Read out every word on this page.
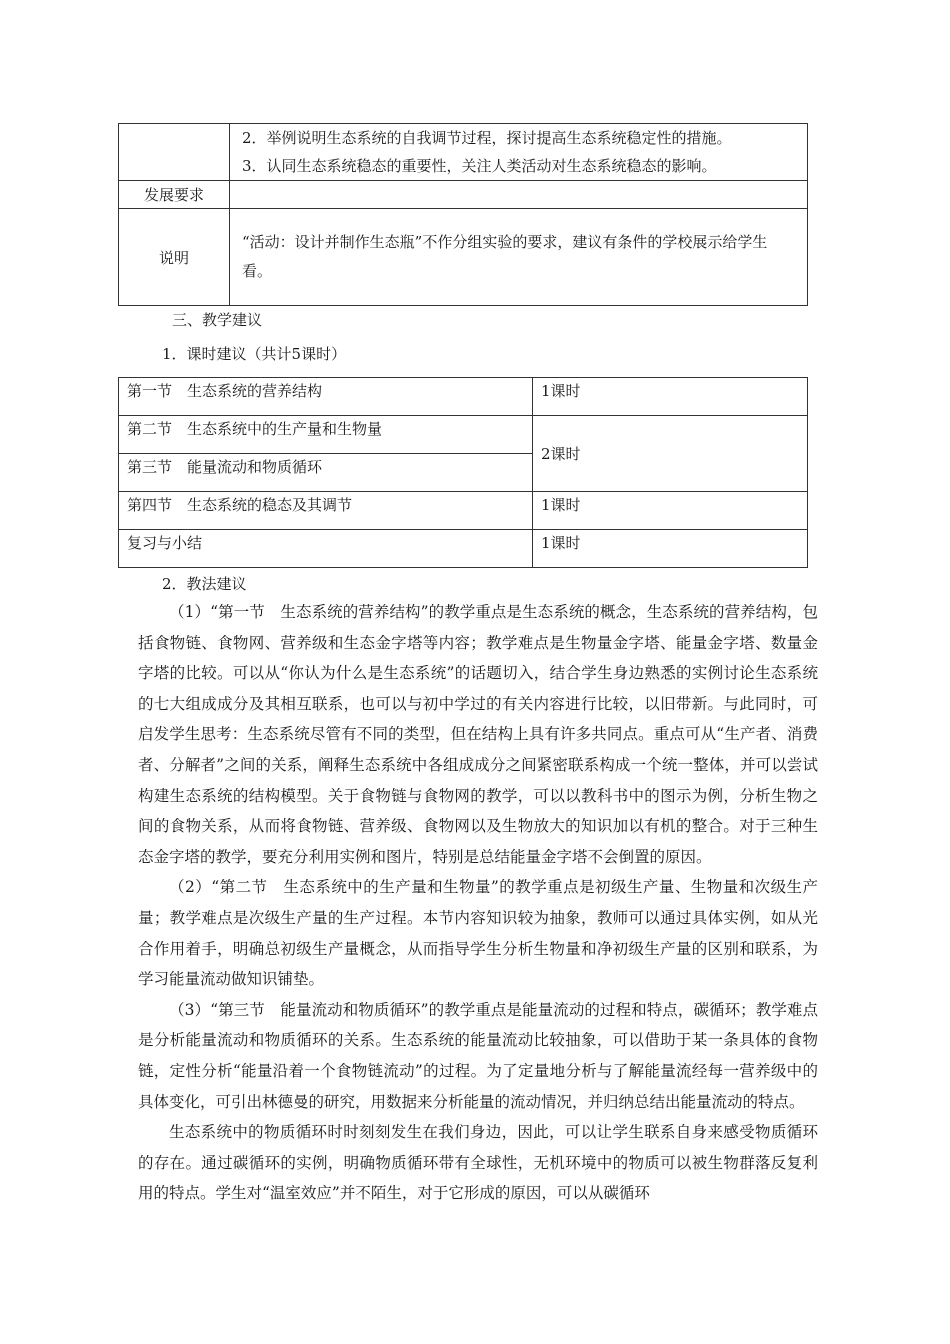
	2．举例说明生态系统的自我调节过程，探讨提高生态系统稳定性的措施。
3．认同生态系统稳态的重要性，关注人类活动对生态系统稳态的影响。

发展要求	
说明	“活动：设计并制作生态瓶”不作分组实验的要求，建议有条件的学校展示给学生看。
三、教学建议
1．课时建议（共计5课时）
第一节　生态系统的营养结构	1课时
第二节　生态系统中的生产量和生物量	2课时
第三节　能量流动和物质循环	
第四节　生态系统的稳态及其调节	1课时
复习与小结	1课时
2．教法建议

（1）“第一节　生态系统的营养结构”的教学重点是生态系统的概念，生态系统的营养结构，包括食物链、食物网、营养级和生态金字塔等内容；教学难点是生物量金字塔、能量金字塔、数量金字塔的比较。可以从“你认为什么是生态系统”的话题切入，结合学生身边熟悉的实例讨论生态系统的七大组成成分及其相互联系，也可以与初中学过的有关内容进行比较，以旧带新。与此同时，可启发学生思考：生态系统尽管有不同的类型，但在结构上具有许多共同点。重点可从“生产者、消费者、分解者”之间的关系，阐释生态系统中各组成成分之间紧密联系构成一个统一整体，并可以尝试构建生态系统的结构模型。关于食物链与食物网的教学，可以以教科书中的图示为例，分析生物之间的食物关系，从而将食物链、营养级、食物网以及生物放大的知识加以有机的整合。对于三种生态金字塔的教学，要充分利用实例和图片，特别是总结能量金字塔不会倒置的原因。

（2）“第二节　生态系统中的生产量和生物量”的教学重点是初级生产量、生物量和次级生产量；教学难点是次级生产量的生产过程。本节内容知识较为抽象，教师可以通过具体实例，如从光合作用着手，明确总初级生产量概念，从而指导学生分析生物量和净初级生产量的区别和联系，为学习能量流动做知识铺垫。

（3）“第三节　能量流动和物质循环”的教学重点是能量流动的过程和特点，碳循环；教学难点是分析能量流动和物质循环的关系。生态系统的能量流动比较抽象，可以借助于某一条具体的食物链，定性分析“能量沿着一个食物链流动”的过程。为了定量地分析与了解能量流经每一营养级中的具体变化，可引出林德曼的研究，用数据来分析能量的流动情况，并归纳总结出能量流动的特点。

生态系统中的物质循环时时刻刻发生在我们身边，因此，可以让学生联系自身来感受物质循环的存在。通过碳循环的实例，明确物质循环带有全球性，无机环境中的物质可以被生物群落反复利用的特点。学生对“温室效应”并不陌生，对于它形成的原因，可以从碳循环
